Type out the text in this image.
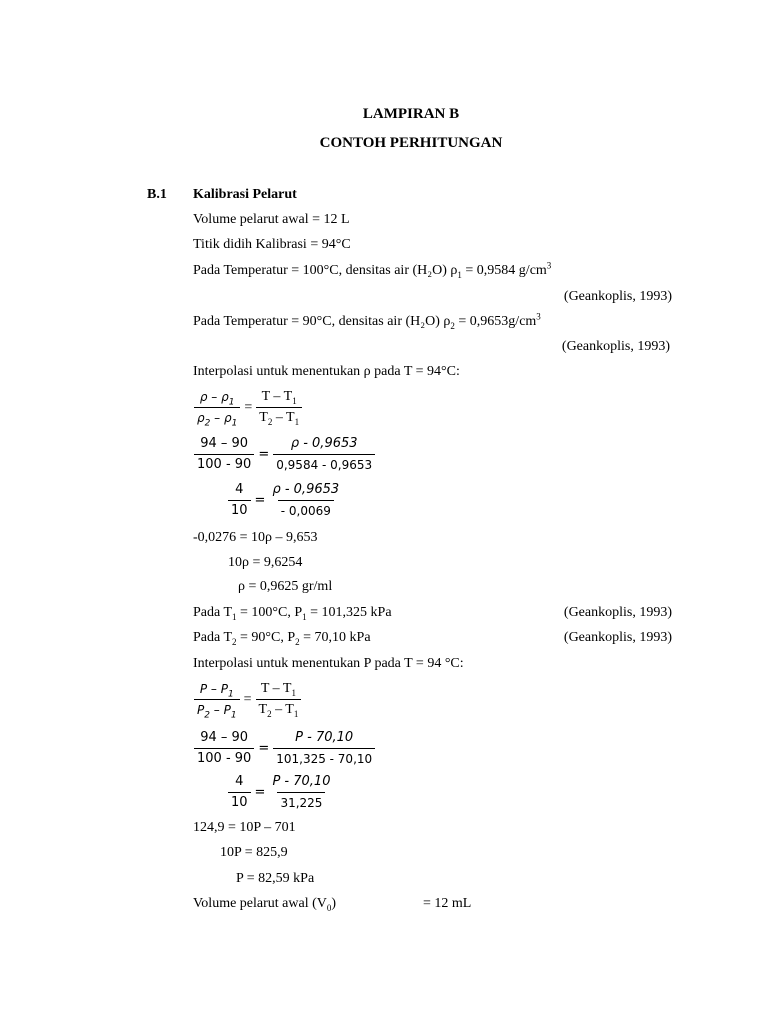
LAMPIRAN B
CONTOH PERHITUNGAN
B.1 Kalibrasi Pelarut
Volume pelarut awal = 12 L
Titik didih Kalibrasi = 94°C
Pada Temperatur = 100°C, densitas air (H₂O) $\rho_1 = 0,9584$ $g/cm^3$
(Geankoplis, 1993)
Pada Temperatur = 90°C, densitas air (H₂O) $\rho_2 = 0,9653g/cm^3$
(Geankoplis, 1993)
Interpolasi untuk menentukan ρ pada T = 94°C:
$\frac{\rho - \rho_1}{\rho_2 - \rho_1} = \frac{T - T_1}{T_2 - T_1}$
$\frac{94 - 90}{100 - 90} = \frac{\rho - 0,9653}{0,9584 - 0,9653}$
$\frac{4}{10} = \frac{\rho - 0,9653}{- 0,0069}$
-0,0276 = 10ρ – 9,653
10ρ = 9,6254
ρ = 0,9625 gr/ml
Pada $T_1 = 100^\circ C$, $P_1 = 101,325$ kPa	(Geankoplis, 1993)
Pada $T_2 = 90^\circ C$, $P_2 = 70,10$ kPa	(Geankoplis, 1993)
Interpolasi untuk menentukan P pada T = 94 °C:
$\frac{P - P_1}{P_2 - P_1} = \frac{T - T_1}{T_2 - T_1}$
$\frac{94 - 90}{100 - 90} = \frac{P - 70,10}{101,325 - 70,10}$
$\frac{4}{10} = \frac{P - 70,10}{31,225}$
124,9 = 10P – 701
10P = 825,9
P = 82,59 kPa
Volume pelarut awal $(V_0)$	= 12 mL
